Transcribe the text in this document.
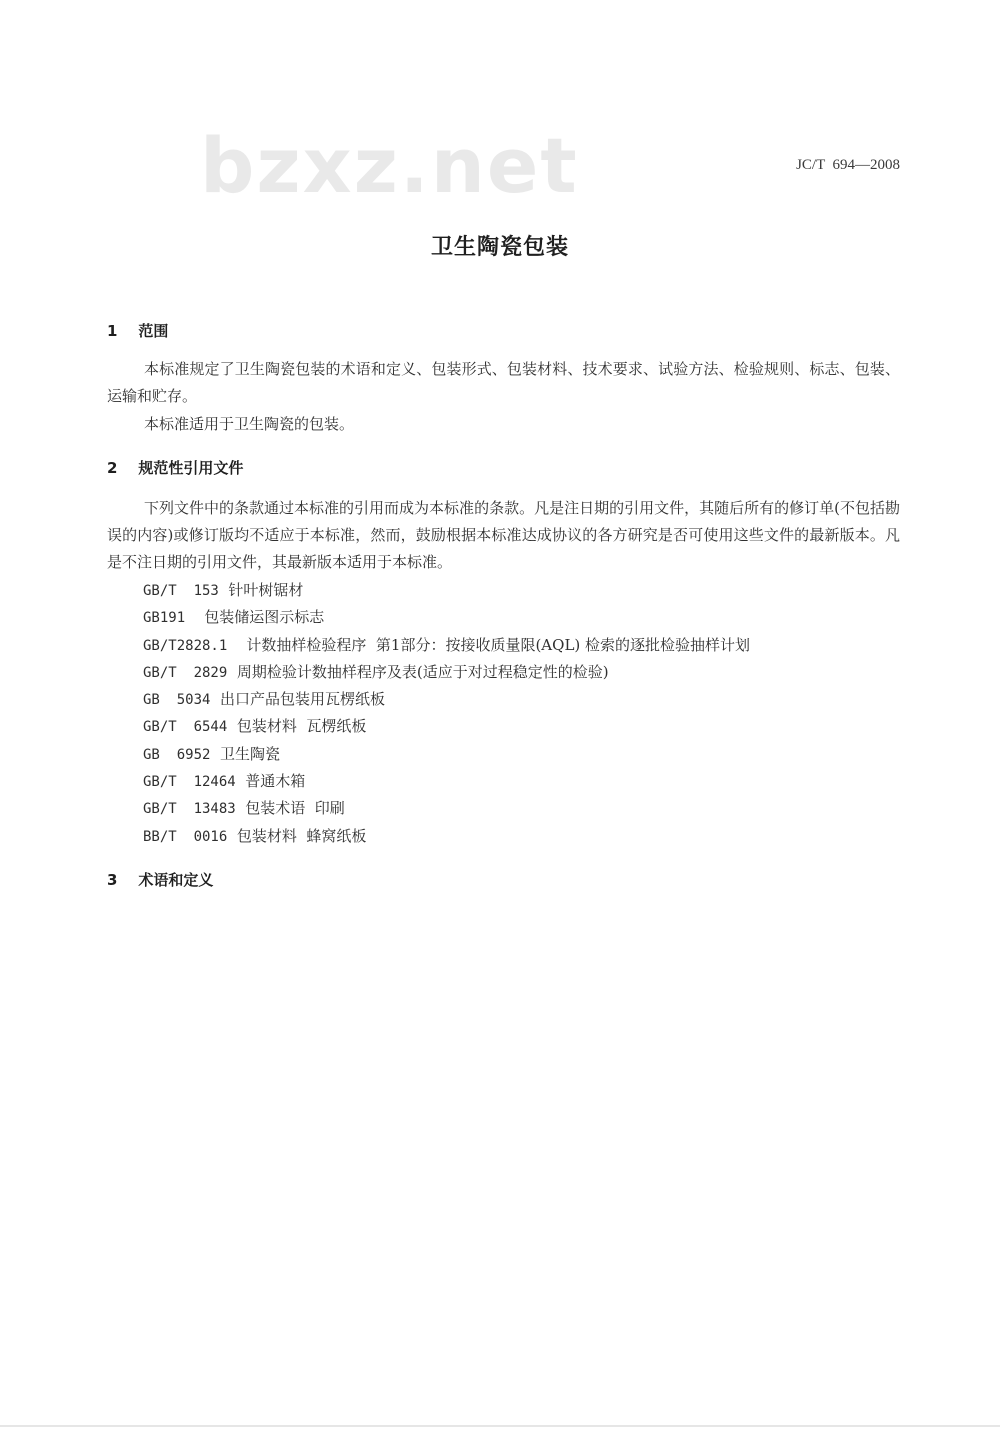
bzxz.net	JC/T  694—2008
卫生陶瓷包装
1 范围
本标准规定了卫生陶瓷包装的术语和定义、包装形式、包装材料、技术要求、试验方法、检验规则、标志、包装、运输和贮存。
本标准适用于卫生陶瓷的包装。
2 规范性引用文件
下列文件中的条款通过本标准的引用而成为本标准的条款。凡是注日期的引用文件，其随后所有的修订单(不包括勘误的内容)或修订版均不适应于本标准，然而，鼓励根据本标准达成协议的各方研究是否可使用这些文件的最新版本。凡是不注日期的引用文件，其最新版本适用于本标准。
GB/T  153 针叶树锯材
GB191 包装储运图示标志
GB/T2828.1 计数抽样检验程序  第1部分：按接收质量限(AQL) 检索的逐批检验抽样计划
GB/T  2829 周期检验计数抽样程序及表(适应于对过程稳定性的检验)
GB  5034 出口产品包装用瓦楞纸板
GB/T  6544 包装材料  瓦楞纸板
GB  6952 卫生陶瓷
GB/T  12464 普通木箱
GB/T  13483 包装术语  印刷
BB/T  0016 包装材料  蜂窝纸板
3 术语和定义
